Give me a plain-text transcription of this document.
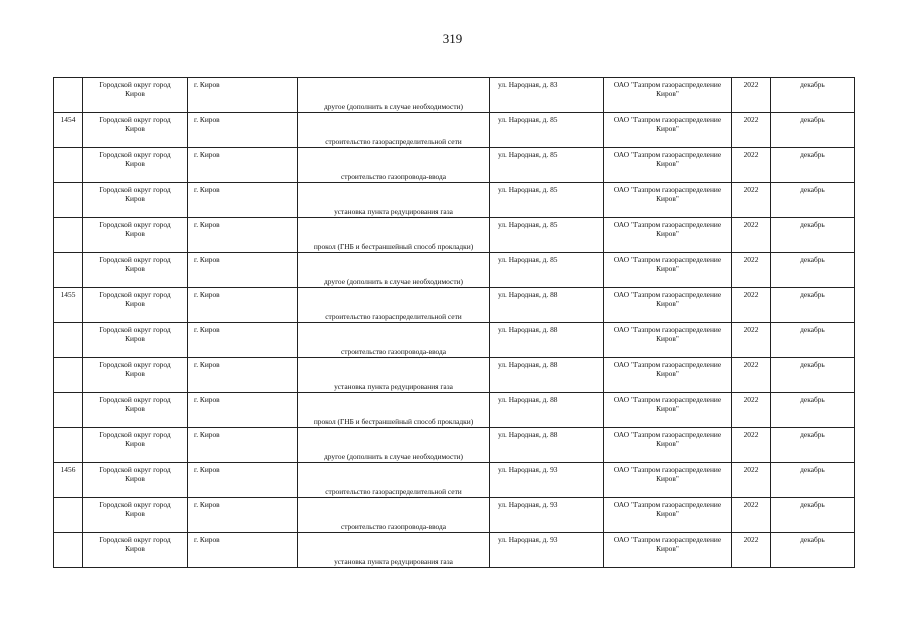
319

	Городской округ город
Киров	г. Киров	другое (дополнить в случае необходимости)	ул. Народная, д. 83	ОАО "Газпром газораспределение
Киров"	2022	декабрь
1454	Городской округ город
Киров	г. Киров	строительство газораспределительной сети	ул. Народная, д. 85	ОАО "Газпром газораспределение
Киров"	2022	декабрь

	Городской округ город
Киров	г. Киров	строительство газопровода-ввода	ул. Народная, д. 85	ОАО "Газпром газораспределение
Киров"	2022	декабрь

	Городской округ город
Киров	г. Киров	установка пункта редуцирования газа	ул. Народная, д. 85	ОАО "Газпром газораспределение
Киров"	2022	декабрь

	Городской округ город
Киров	г. Киров	прокол (ГНБ и бестраншейный способ прокладки)	ул. Народная, д. 85	ОАО "Газпром газораспределение
Киров"	2022	декабрь

	Городской округ город
Киров	г. Киров	другое (дополнить в случае необходимости)	ул. Народная, д. 85	ОАО "Газпром газораспределение
Киров"	2022	декабрь
1455	Городской округ город
Киров	г. Киров	строительство газораспределительной сети	ул. Народная, д. 88	ОАО "Газпром газораспределение
Киров"	2022	декабрь

	Городской округ город
Киров	г. Киров	строительство газопровода-ввода	ул. Народная, д. 88	ОАО "Газпром газораспределение
Киров"	2022	декабрь

	Городской округ город
Киров	г. Киров	установка пункта редуцирования газа	ул. Народная, д. 88	ОАО "Газпром газораспределение
Киров"	2022	декабрь

	Городской округ город
Киров	г. Киров	прокол (ГНБ и бестраншейный способ прокладки)	ул. Народная, д. 88	ОАО "Газпром газораспределение
Киров"	2022	декабрь

	Городской округ город
Киров	г. Киров	другое (дополнить в случае необходимости)	ул. Народная, д. 88	ОАО "Газпром газораспределение
Киров"	2022	декабрь
1456	Городской округ город
Киров	г. Киров	строительство газораспределительной сети	ул. Народная, д. 93	ОАО "Газпром газораспределение
Киров"	2022	декабрь

	Городской округ город
Киров	г. Киров	строительство газопровода-ввода	ул. Народная, д. 93	ОАО "Газпром газораспределение
Киров"	2022	декабрь

	Городской округ город
Киров	г. Киров	установка пункта редуцирования газа	ул. Народная, д. 93	ОАО "Газпром газораспределение
Киров"	2022	декабрь
